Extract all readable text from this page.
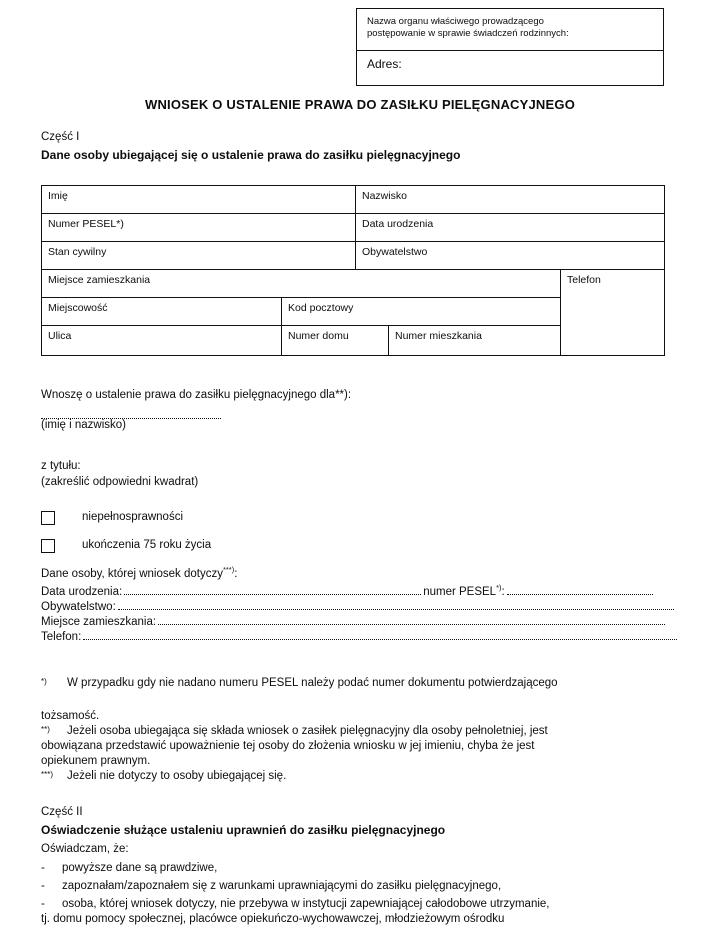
Nazwa organu właściwego prowadzącego
postępowanie w sprawie świadczeń rodzinnych:
Adres:
WNIOSEK O USTALENIE PRAWA DO ZASIŁKU PIELĘGNACYJNEGO
Część I
Dane osoby ubiegającej się o ustalenie prawa do zasiłku pielęgnacyjnego
Imię	Nazwisko
Numer PESEL*)	Data urodzenia
Stan cywilny	Obywatelstwo
Miejsce zamieszkania	Telefon
Miejscowość	Kod pocztowy
Ulica	Numer domu	Numer mieszkania
Wnoszę o ustalenie prawa do zasiłku pielęgnacyjnego dla**):
(imię i nazwisko)
z tytułu:
(zakreślić odpowiedni kwadrat)
niepełnosprawności
ukończenia 75 roku życia
Dane osoby, której wniosek dotyczy***):
Data urodzenia:	numer PESEL*):
Obywatelstwo:
Miejsce zamieszkania:
Telefon:
*)	W przypadku gdy nie nadano numeru PESEL należy podać numer dokumentu potwierdzającego
tożsamość.
**)	Jeżeli osoba ubiegająca się składa wniosek o zasiłek pielęgnacyjny dla osoby pełnoletniej, jest
obowiązana przedstawić upoważnienie tej osoby do złożenia wniosku w jej imieniu, chyba że jest
opiekunem prawnym.
***)	Jeżeli nie dotyczy to osoby ubiegającej się.
Część II
Oświadczenie służące ustaleniu uprawnień do zasiłku pielęgnacyjnego
Oświadczam, że:
-	powyższe dane są prawdziwe,
-	zapoznałam/zapoznałem się z warunkami uprawniającymi do zasiłku pielęgnacyjnego,
-	osoba, której wniosek dotyczy, nie przebywa w instytucji zapewniającej całodobowe utrzymanie,
tj. domu pomocy społecznej, placówce opiekuńczo-wychowawczej, młodzieżowym ośrodku
